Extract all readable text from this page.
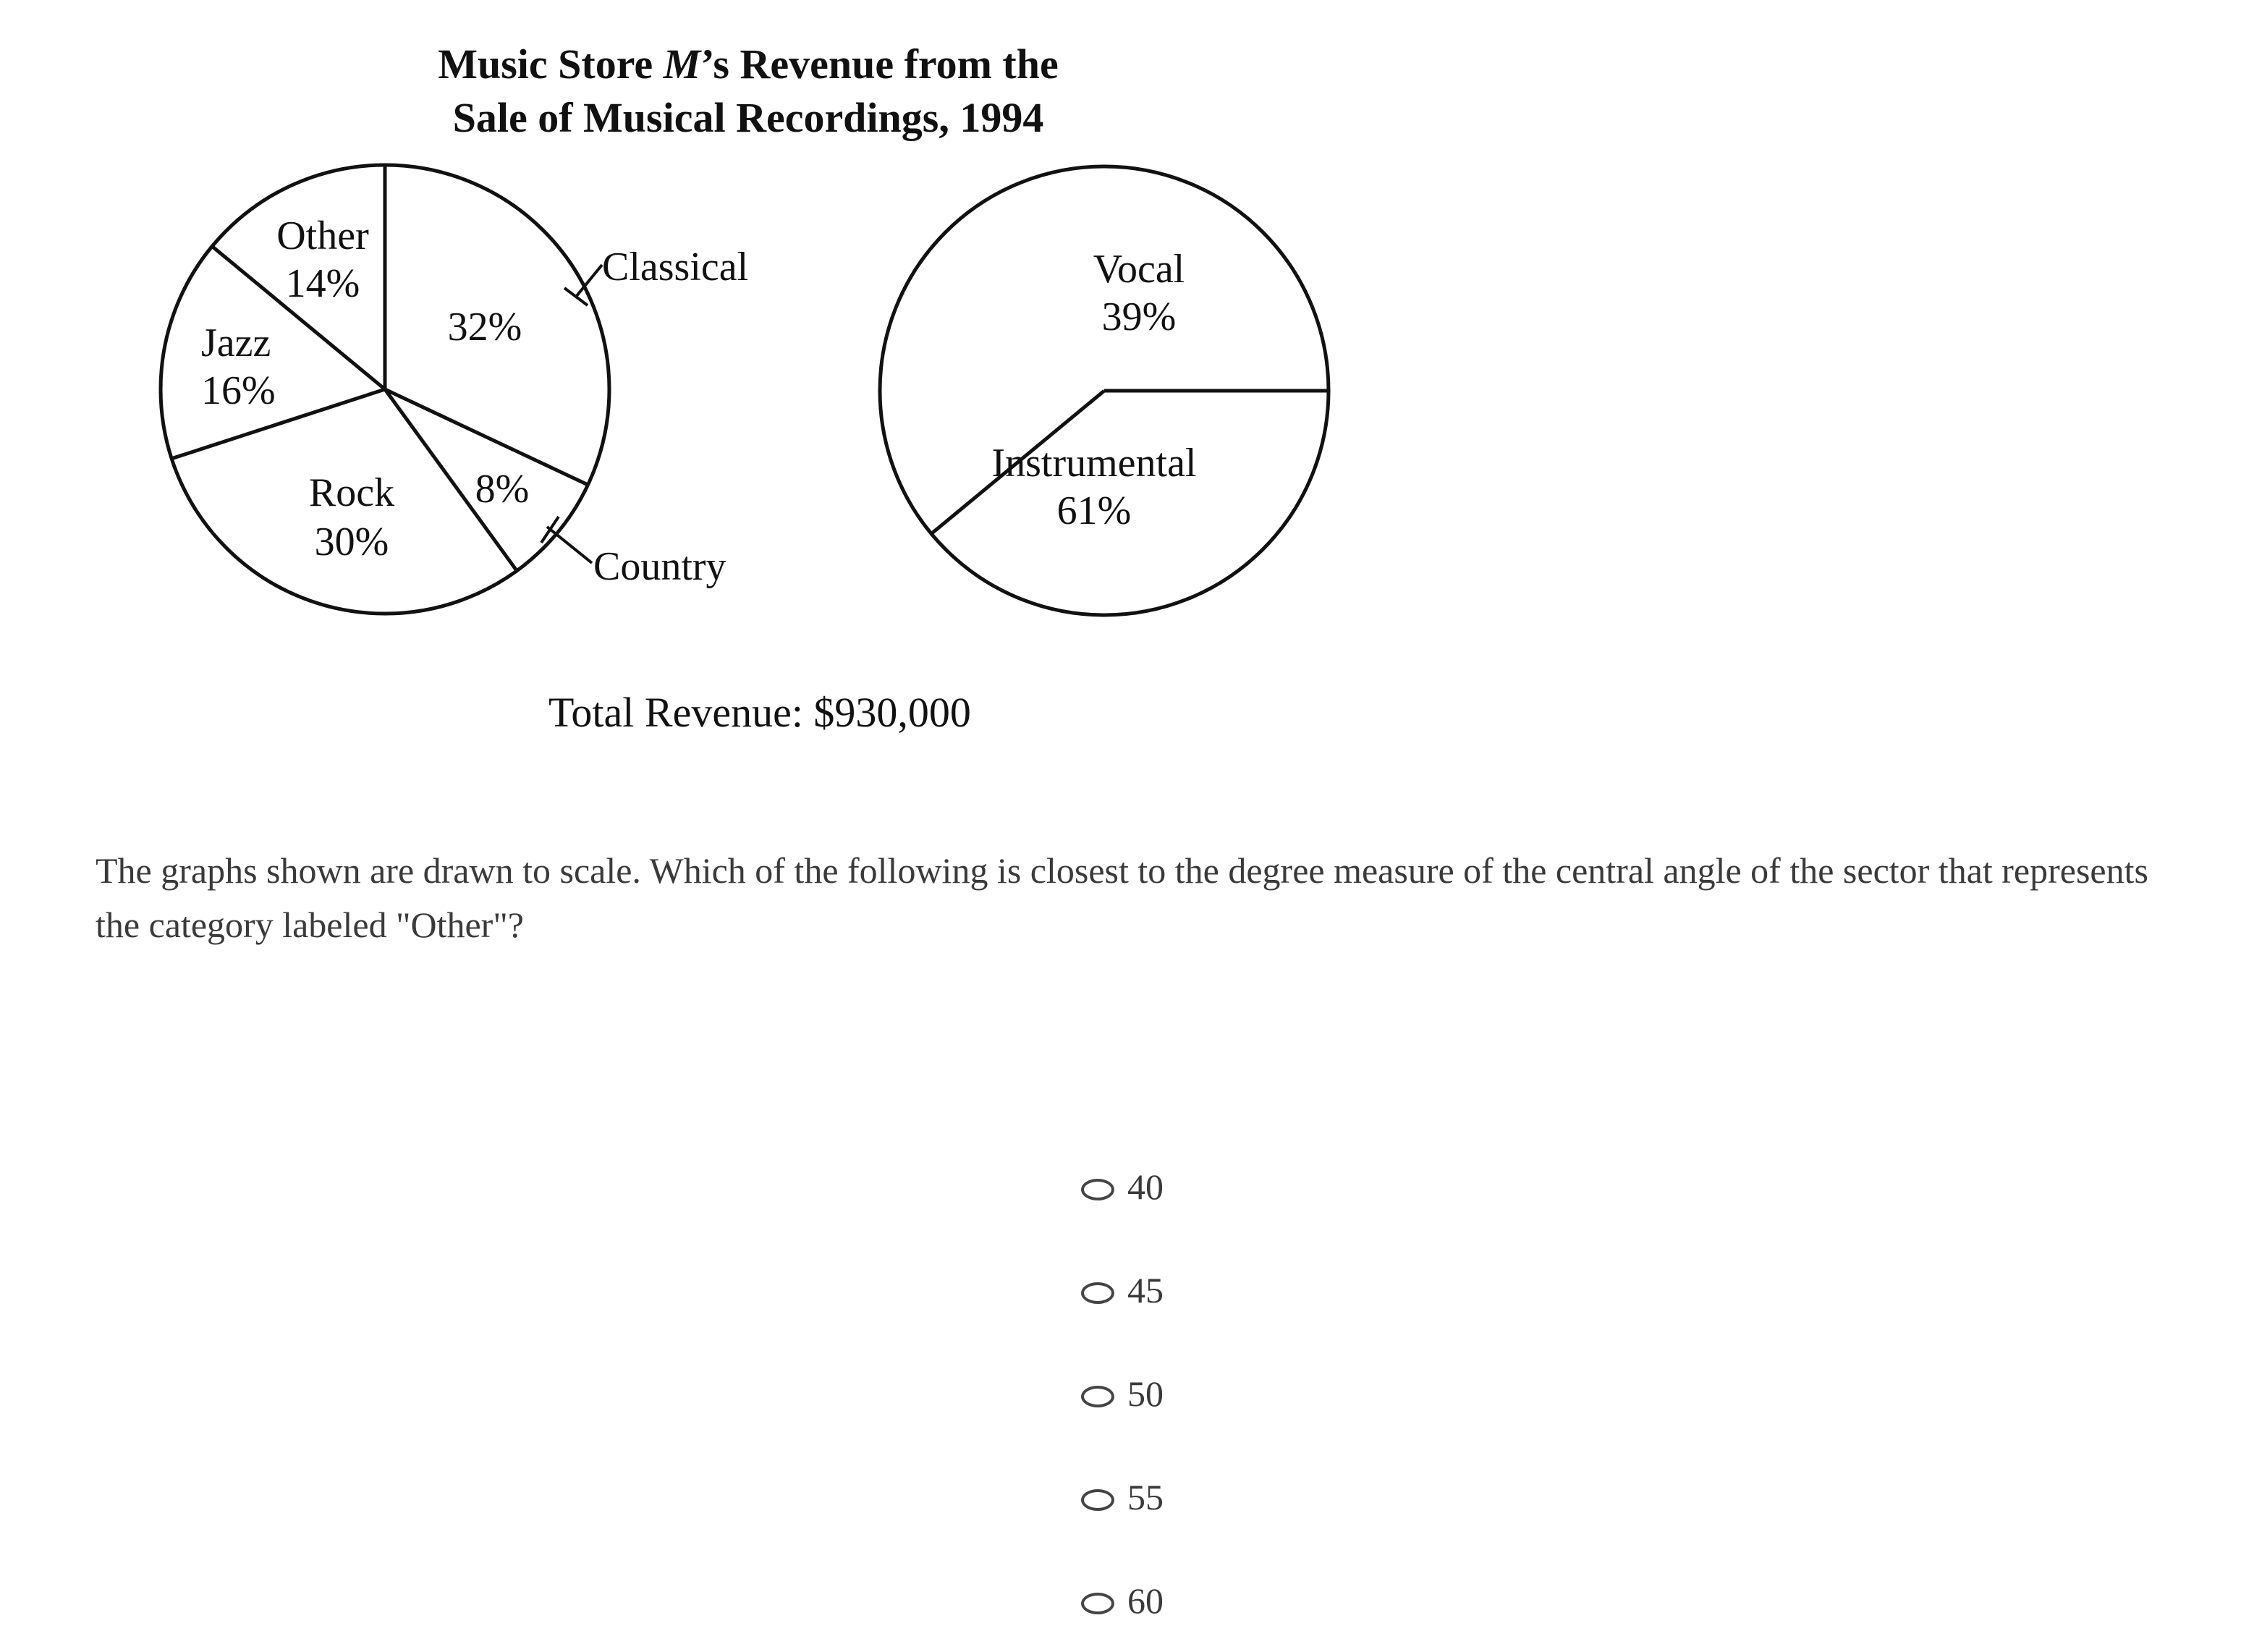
Music Store M’s Revenue from the
Sale of Musical Recordings, 1994
Other
14%
Jazz
16%
32%
Classical
Rock
30%
8%
Country
Vocal
39%
Instrumental
61%
Total Revenue: $930,000

The graphs shown are drawn to scale. Which of the following is closest to the degree measure of the central angle of the sector that represents the category labeled "Other"?

40
45
50
55
60
